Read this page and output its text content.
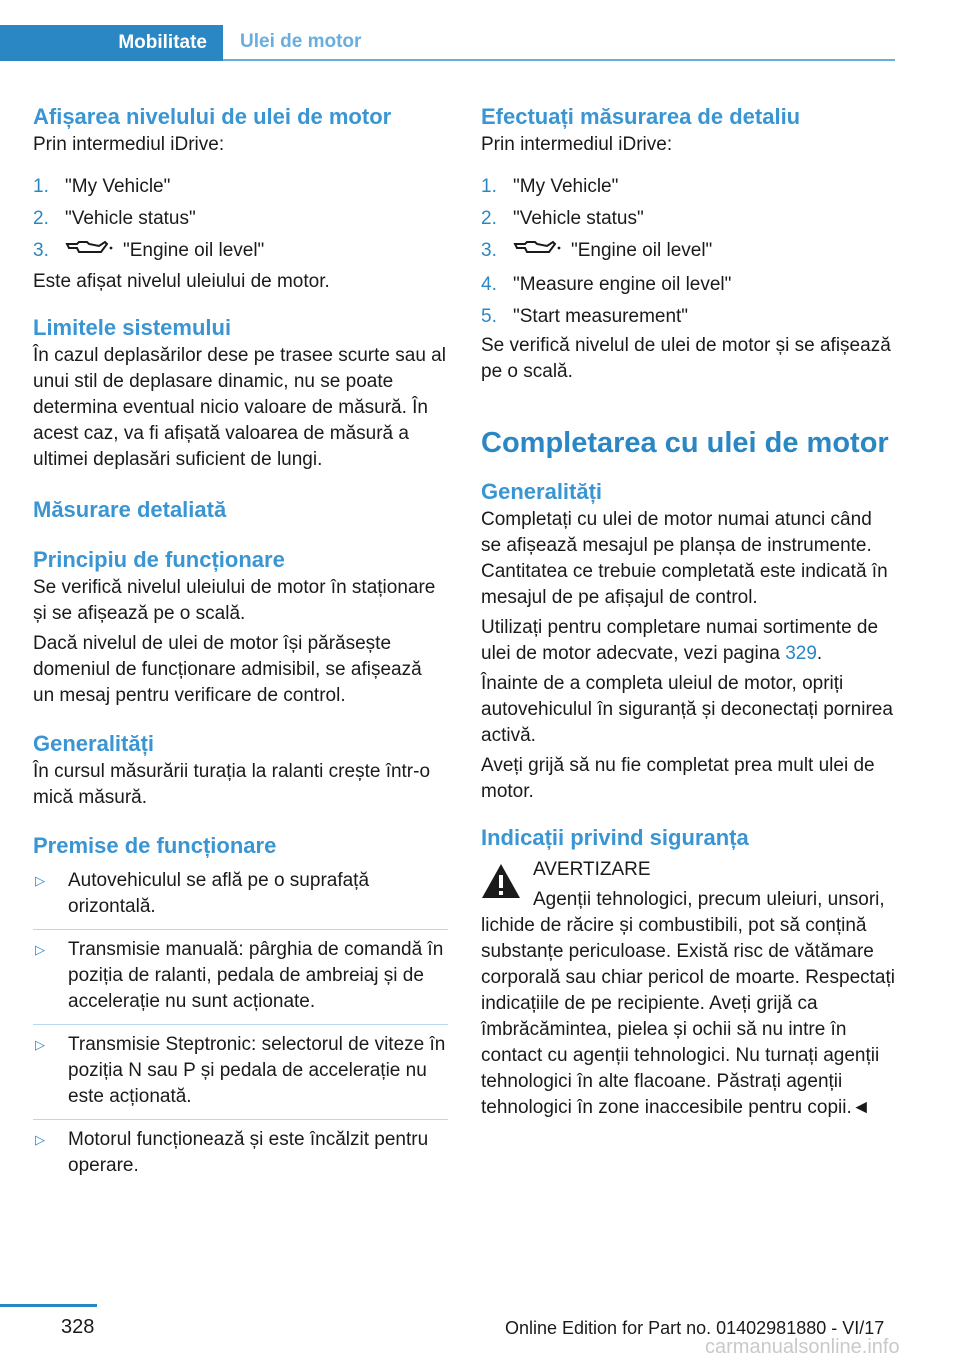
Mobilitate	Ulei de motor
Afișarea nivelului de ulei de motor

Prin intermediul iDrive:

1. "My Vehicle"
2. "Vehicle status"
3.	"Engine oil level"

Este afișat nivelul uleiului de motor.

Limitele sistemului

În cazul deplasărilor dese pe trasee scurte sau al unui stil de deplasare dinamic, nu se poate determina eventual nicio valoare de măsură. În acest caz, va fi afișată valoarea de măsură a ultimei deplasări suficient de lungi.

Măsurare detaliată
Principiu de funcționare

Se verifică nivelul uleiului de motor în staționare și se afișează pe o scală.

Dacă nivelul de ulei de motor își părăsește domeniul de funcționare admisibil, se afișează un mesaj pentru verificare de control.

Generalități

În cursul măsurării turația la ralanti crește într-o mică măsură.

Premise de funcționare
▷	Autovehiculul se află pe o suprafață orizontală.
▷	Transmisie manuală: pârghia de comandă în poziția de ralanti, pedala de ambreiaj și de accelerație nu sunt acționate.
▷	Transmisie Steptronic: selectorul de viteze în poziția N sau P și pedala de accelerație nu este acționată.
▷	Motorul funcționează și este încălzit pentru operare.
Efectuați măsurarea de detaliu

Prin intermediul iDrive:

1. "My Vehicle"
2. "Vehicle status"
3.	"Engine oil level"
4. "Measure engine oil level"
5. "Start measurement"

Se verifică nivelul de ulei de motor și se afișează pe o scală.

Completarea cu ulei de motor
Generalități

Completați cu ulei de motor numai atunci când se afișează mesajul pe planșa de instrumente. Cantitatea ce trebuie completată este indicată în mesajul de pe afișajul de control.

Utilizați pentru completare numai sortimente de ulei de motor adecvate, vezi pagina 329.

Înainte de a completa uleiul de motor, opriți autovehiculul în siguranță și deconectați pornirea activă.

Aveți grijă să nu fie completat prea mult ulei de motor.

Indicații privind siguranța

AVERTIZARE

Agenții tehnologici, precum uleiuri, unsori, lichide de răcire și combustibili, pot să conțină substanțe periculoase. Există risc de vătămare corporală sau chiar pericol de moarte. Respectați indicațiile de pe recipiente. Aveți grijă ca îmbrăcămintea, pielea și ochii să nu intre în contact cu agenții tehnologici. Nu turnați agenții tehnologici în alte flacoane. Păstrați agenții tehnologici în zone inaccesibile pentru copii.◄

328	Online Edition for Part no. 01402981880 - VI/17
carmanualsonline.info
